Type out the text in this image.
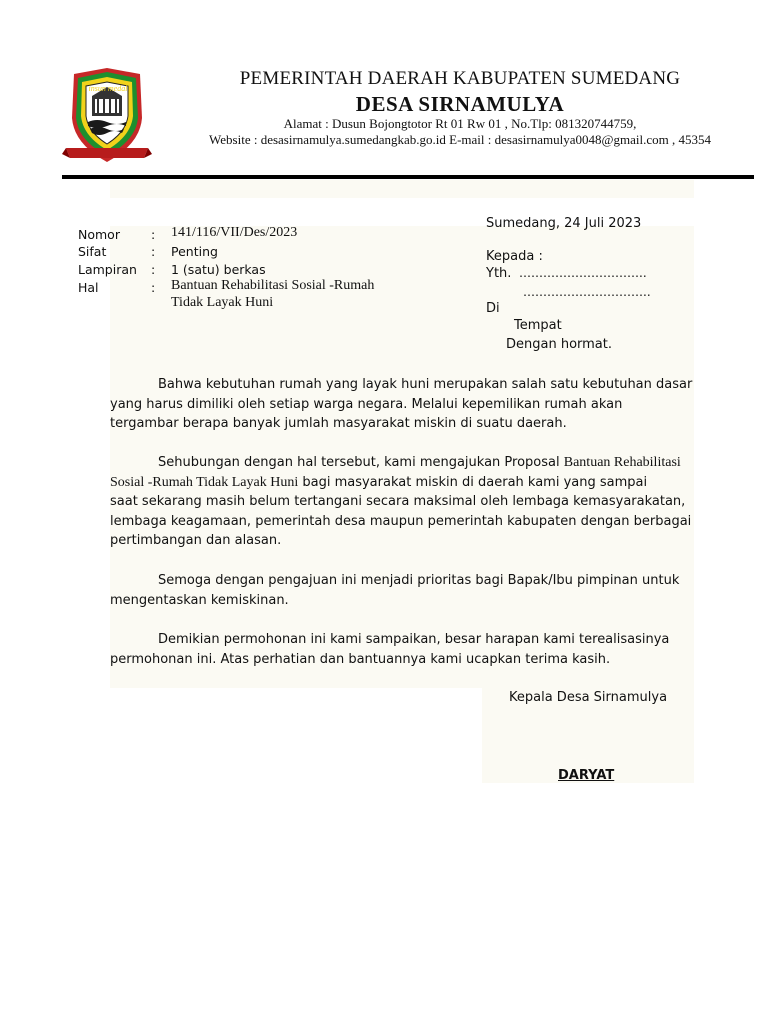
insun medal	PEMERINTAH DAERAH KABUPATEN SUMEDANG
DESA SIRNAMULYA
Alamat : Dusun Bojongtotor Rt 01 Rw 01 , No.Tlp: 081320744759,
Website : desasirnamulya.sumedangkab.go.id E-mail : desasirnamulya0048@gmail.com , 45354
Nomor : 141/116/VII/Des/2023
Sifat	: Penting
Lampiran : 1 (satu) berkas
Hal	: Bantuan Rehabilitasi Sosial -Rumah
Tidak Layak Huni
Sumedang, 24 Juli 2023
Kepada :
Yth. …………………………..
…………………………..
Di
Tempat
Dengan hormat.
Bahwa kebutuhan rumah yang layak huni merupakan salah satu kebutuhan dasar
yang harus dimiliki oleh setiap warga negara. Melalui kepemilikan rumah akan
tergambar berapa banyak jumlah masyarakat miskin di suatu daerah.
Sehubungan dengan hal tersebut, kami mengajukan Proposal Bantuan Rehabilitasi
Sosial -Rumah Tidak Layak Huni bagi masyarakat miskin di daerah kami yang sampai
saat sekarang masih belum tertangani secara maksimal oleh lembaga kemasyarakatan,
lembaga keagamaan, pemerintah desa maupun pemerintah kabupaten dengan berbagai
pertimbangan dan alasan.
Semoga dengan pengajuan ini menjadi prioritas bagi Bapak/Ibu pimpinan untuk
mengentaskan kemiskinan.
Demikian permohonan ini kami sampaikan, besar harapan kami terealisasinya
permohonan ini. Atas perhatian dan bantuannya kami ucapkan terima kasih.
Kepala Desa Sirnamulya
DARYAT
